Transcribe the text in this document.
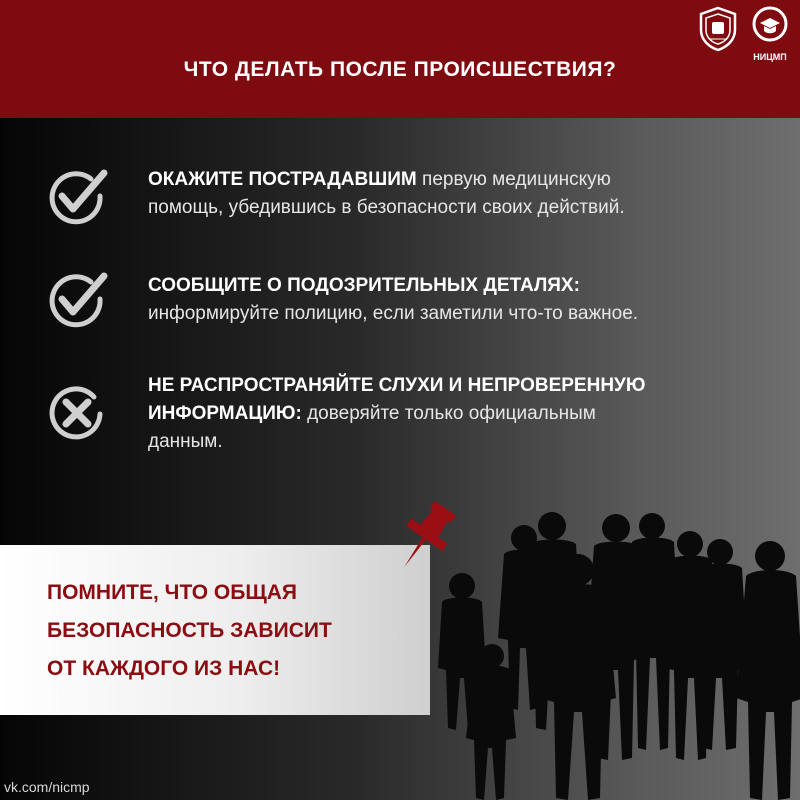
НИЦМП
ЧТО ДЕЛАТЬ ПОСЛЕ ПРОИСШЕСТВИЯ?
ОКАЖИТЕ ПОСТРАДАВШИМ первую медицинскую
помощь, убедившись в безопасности своих действий.
СООБЩИТЕ О ПОДОЗРИТЕЛЬНЫХ ДЕТАЛЯХ:
информируйте полицию, если заметили что-то важное.
НЕ РАСПРОСТРАНЯЙТЕ СЛУХИ И НЕПРОВЕРЕННУЮ
ИНФОРМАЦИЮ: доверяйте только официальным
данным.
ПОМНИТЕ, ЧТО ОБЩАЯ
БЕЗОПАСНОСТЬ ЗАВИСИТ
ОТ КАЖДОГО ИЗ НАС!
vk.com/nicmp
